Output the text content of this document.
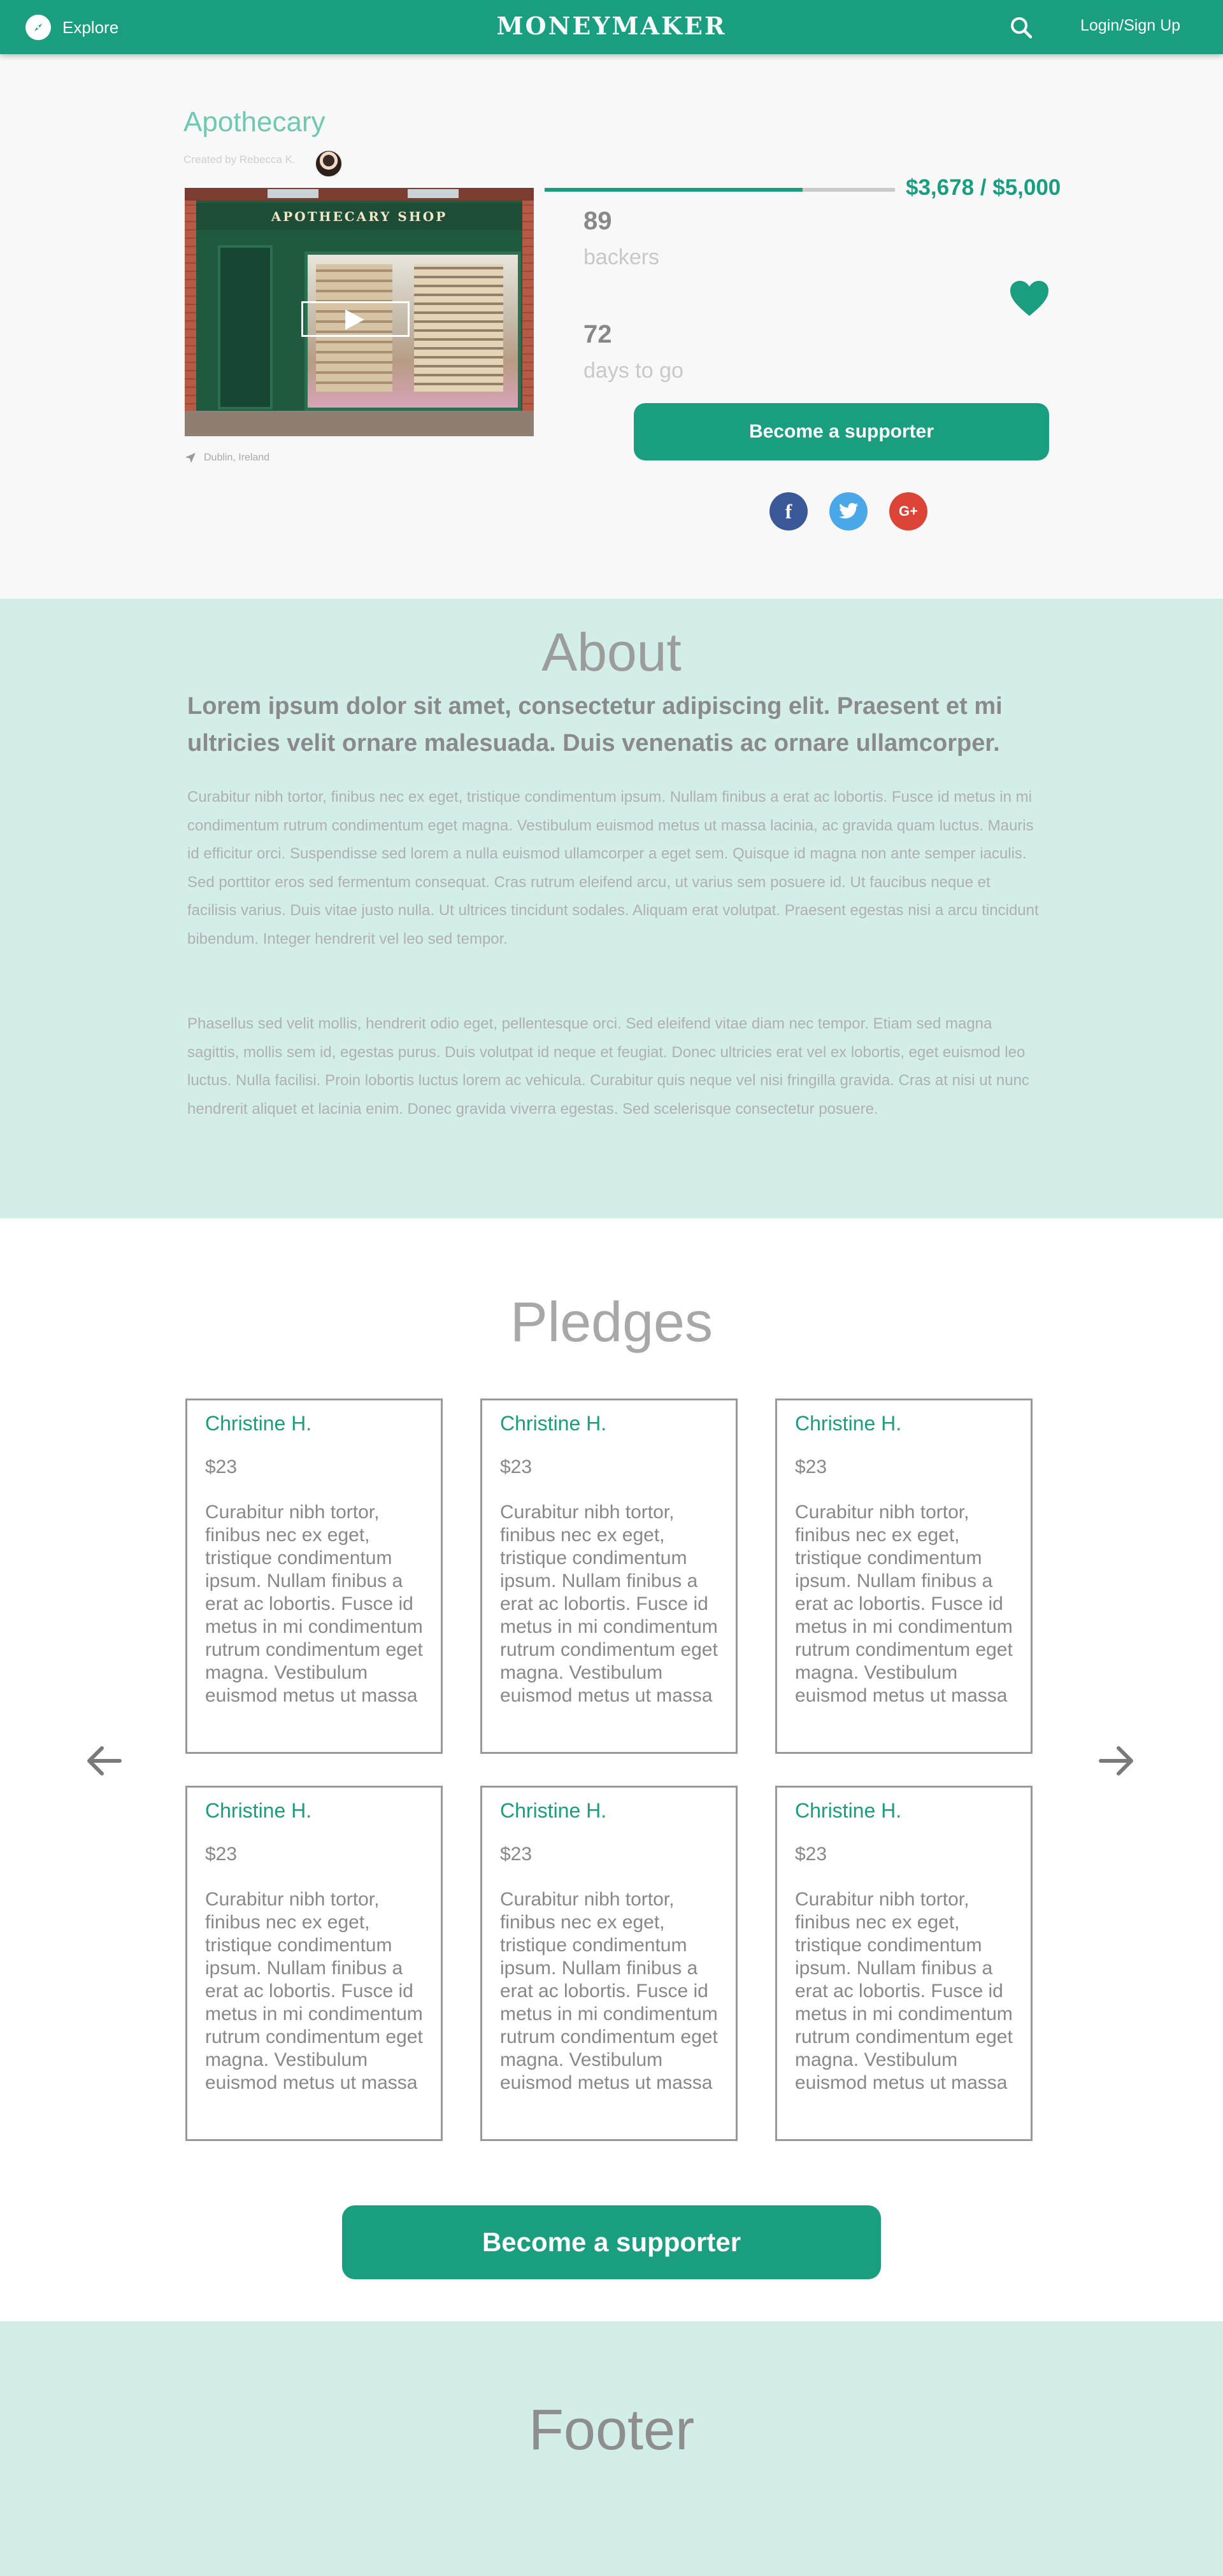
Explore	MONEYMAKER	Login/Sign Up
Apothecary
Created by Rebecca K.
APOTHECARY SHOP
Dublin, Ireland
$3,678 / $5,000
89
backers
72
days to go
Become a supporter
f	G+
About
Lorem ipsum dolor sit amet, consectetur adipiscing elit. Praesent et mi ultricies velit ornare malesuada. Duis venenatis ac ornare ullamcorper.
Curabitur nibh tortor, finibus nec ex eget, tristique condimentum ipsum. Nullam finibus a erat ac lobortis. Fusce id metus in mi condimentum rutrum condimentum eget magna. Vestibulum euismod metus ut massa lacinia, ac gravida quam luctus. Mauris id efficitur orci. Suspendisse sed lorem a nulla euismod ullamcorper a eget sem. Quisque id magna non ante semper iaculis. Sed porttitor eros sed fermentum consequat. Cras rutrum eleifend arcu, ut varius sem posuere id. Ut faucibus neque et facilisis varius. Duis vitae justo nulla. Ut ultrices tincidunt sodales. Aliquam erat volutpat. Praesent egestas nisi a arcu tincidunt bibendum. Integer hendrerit vel leo sed tempor.
Phasellus sed velit mollis, hendrerit odio eget, pellentesque orci. Sed eleifend vitae diam nec tempor. Etiam sed magna sagittis, mollis sem id, egestas purus. Duis volutpat id neque et feugiat. Donec ultricies erat vel ex lobortis, eget euismod leo luctus. Nulla facilisi. Proin lobortis luctus lorem ac vehicula. Curabitur quis neque vel nisi fringilla gravida. Cras at nisi ut nunc hendrerit aliquet et lacinia enim. Donec gravida viverra egestas. Sed scelerisque consectetur posuere.
Pledges
Christine H.
$23
Curabitur nibh tortor, finibus nec ex eget, tristique condimentum ipsum. Nullam finibus a erat ac lobortis. Fusce id metus in mi condimentum rutrum condimentum eget magna. Vestibulum euismod metus ut massa
Christine H.
$23
Curabitur nibh tortor, finibus nec ex eget, tristique condimentum ipsum. Nullam finibus a erat ac lobortis. Fusce id metus in mi condimentum rutrum condimentum eget magna. Vestibulum euismod metus ut massa
Christine H.
$23
Curabitur nibh tortor, finibus nec ex eget, tristique condimentum ipsum. Nullam finibus a erat ac lobortis. Fusce id metus in mi condimentum rutrum condimentum eget magna. Vestibulum euismod metus ut massa
Christine H.
$23
Curabitur nibh tortor, finibus nec ex eget, tristique condimentum ipsum. Nullam finibus a erat ac lobortis. Fusce id metus in mi condimentum rutrum condimentum eget magna. Vestibulum euismod metus ut massa
Christine H.
$23
Curabitur nibh tortor, finibus nec ex eget, tristique condimentum ipsum. Nullam finibus a erat ac lobortis. Fusce id metus in mi condimentum rutrum condimentum eget magna. Vestibulum euismod metus ut massa
Christine H.
$23
Curabitur nibh tortor, finibus nec ex eget, tristique condimentum ipsum. Nullam finibus a erat ac lobortis. Fusce id metus in mi condimentum rutrum condimentum eget magna. Vestibulum euismod metus ut massa
Become a supporter
Footer
